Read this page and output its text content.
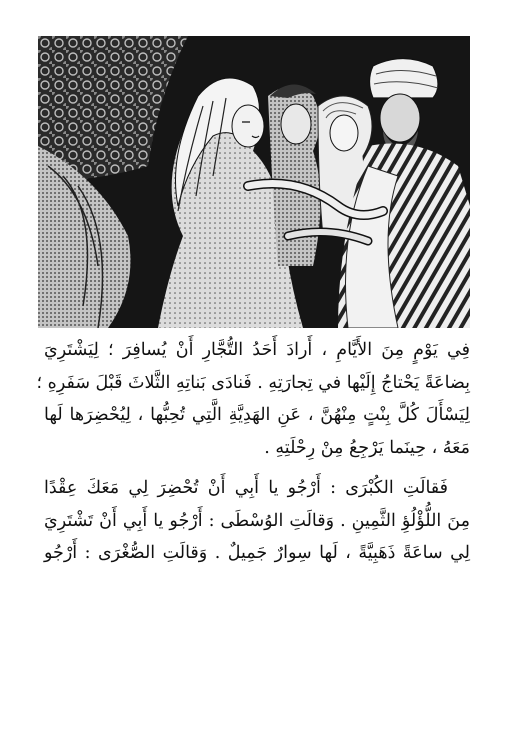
فِي يَوْمٍ مِنَ الأَيَّامِ ، أَرادَ أَحَدُ التُّجَّارِ أَنْ يُسافِرَ ؛ لِيَشْتَرِيَ
بِضاعَةً يَحْتاجُ إِلَيْها في تِجارَتِهِ . فَنادَى بَناتِهِ الثَّلاثَ قَبْلَ سَفَرِهِ ؛
لِيَسْأَلَ كُلَّ بِنْتٍ مِنْهُنَّ ، عَنِ الهَدِيَّةِ الَّتِي تُحِبُّها ، لِيُحْضِرَها لَها
مَعَهُ ، حِينَما يَرْجِعُ مِنْ رِحْلَتِهِ .
فَقالَتِ الكُبْرَى : أَرْجُو يا أَبِي أَنْ تُحْضِرَ لِي مَعَكَ عِقْدًا
مِنَ اللُّؤْلُؤِ الثَّمِينِ . وَقالَتِ الوُسْطَى : أَرْجُو يا أَبِي أَنْ تَشْتَرِيَ
لِي ساعَةً ذَهَبِيَّةً ، لَها سِوارٌ جَمِيلٌ . وَقالَتِ الصُّغْرَى : أَرْجُو
